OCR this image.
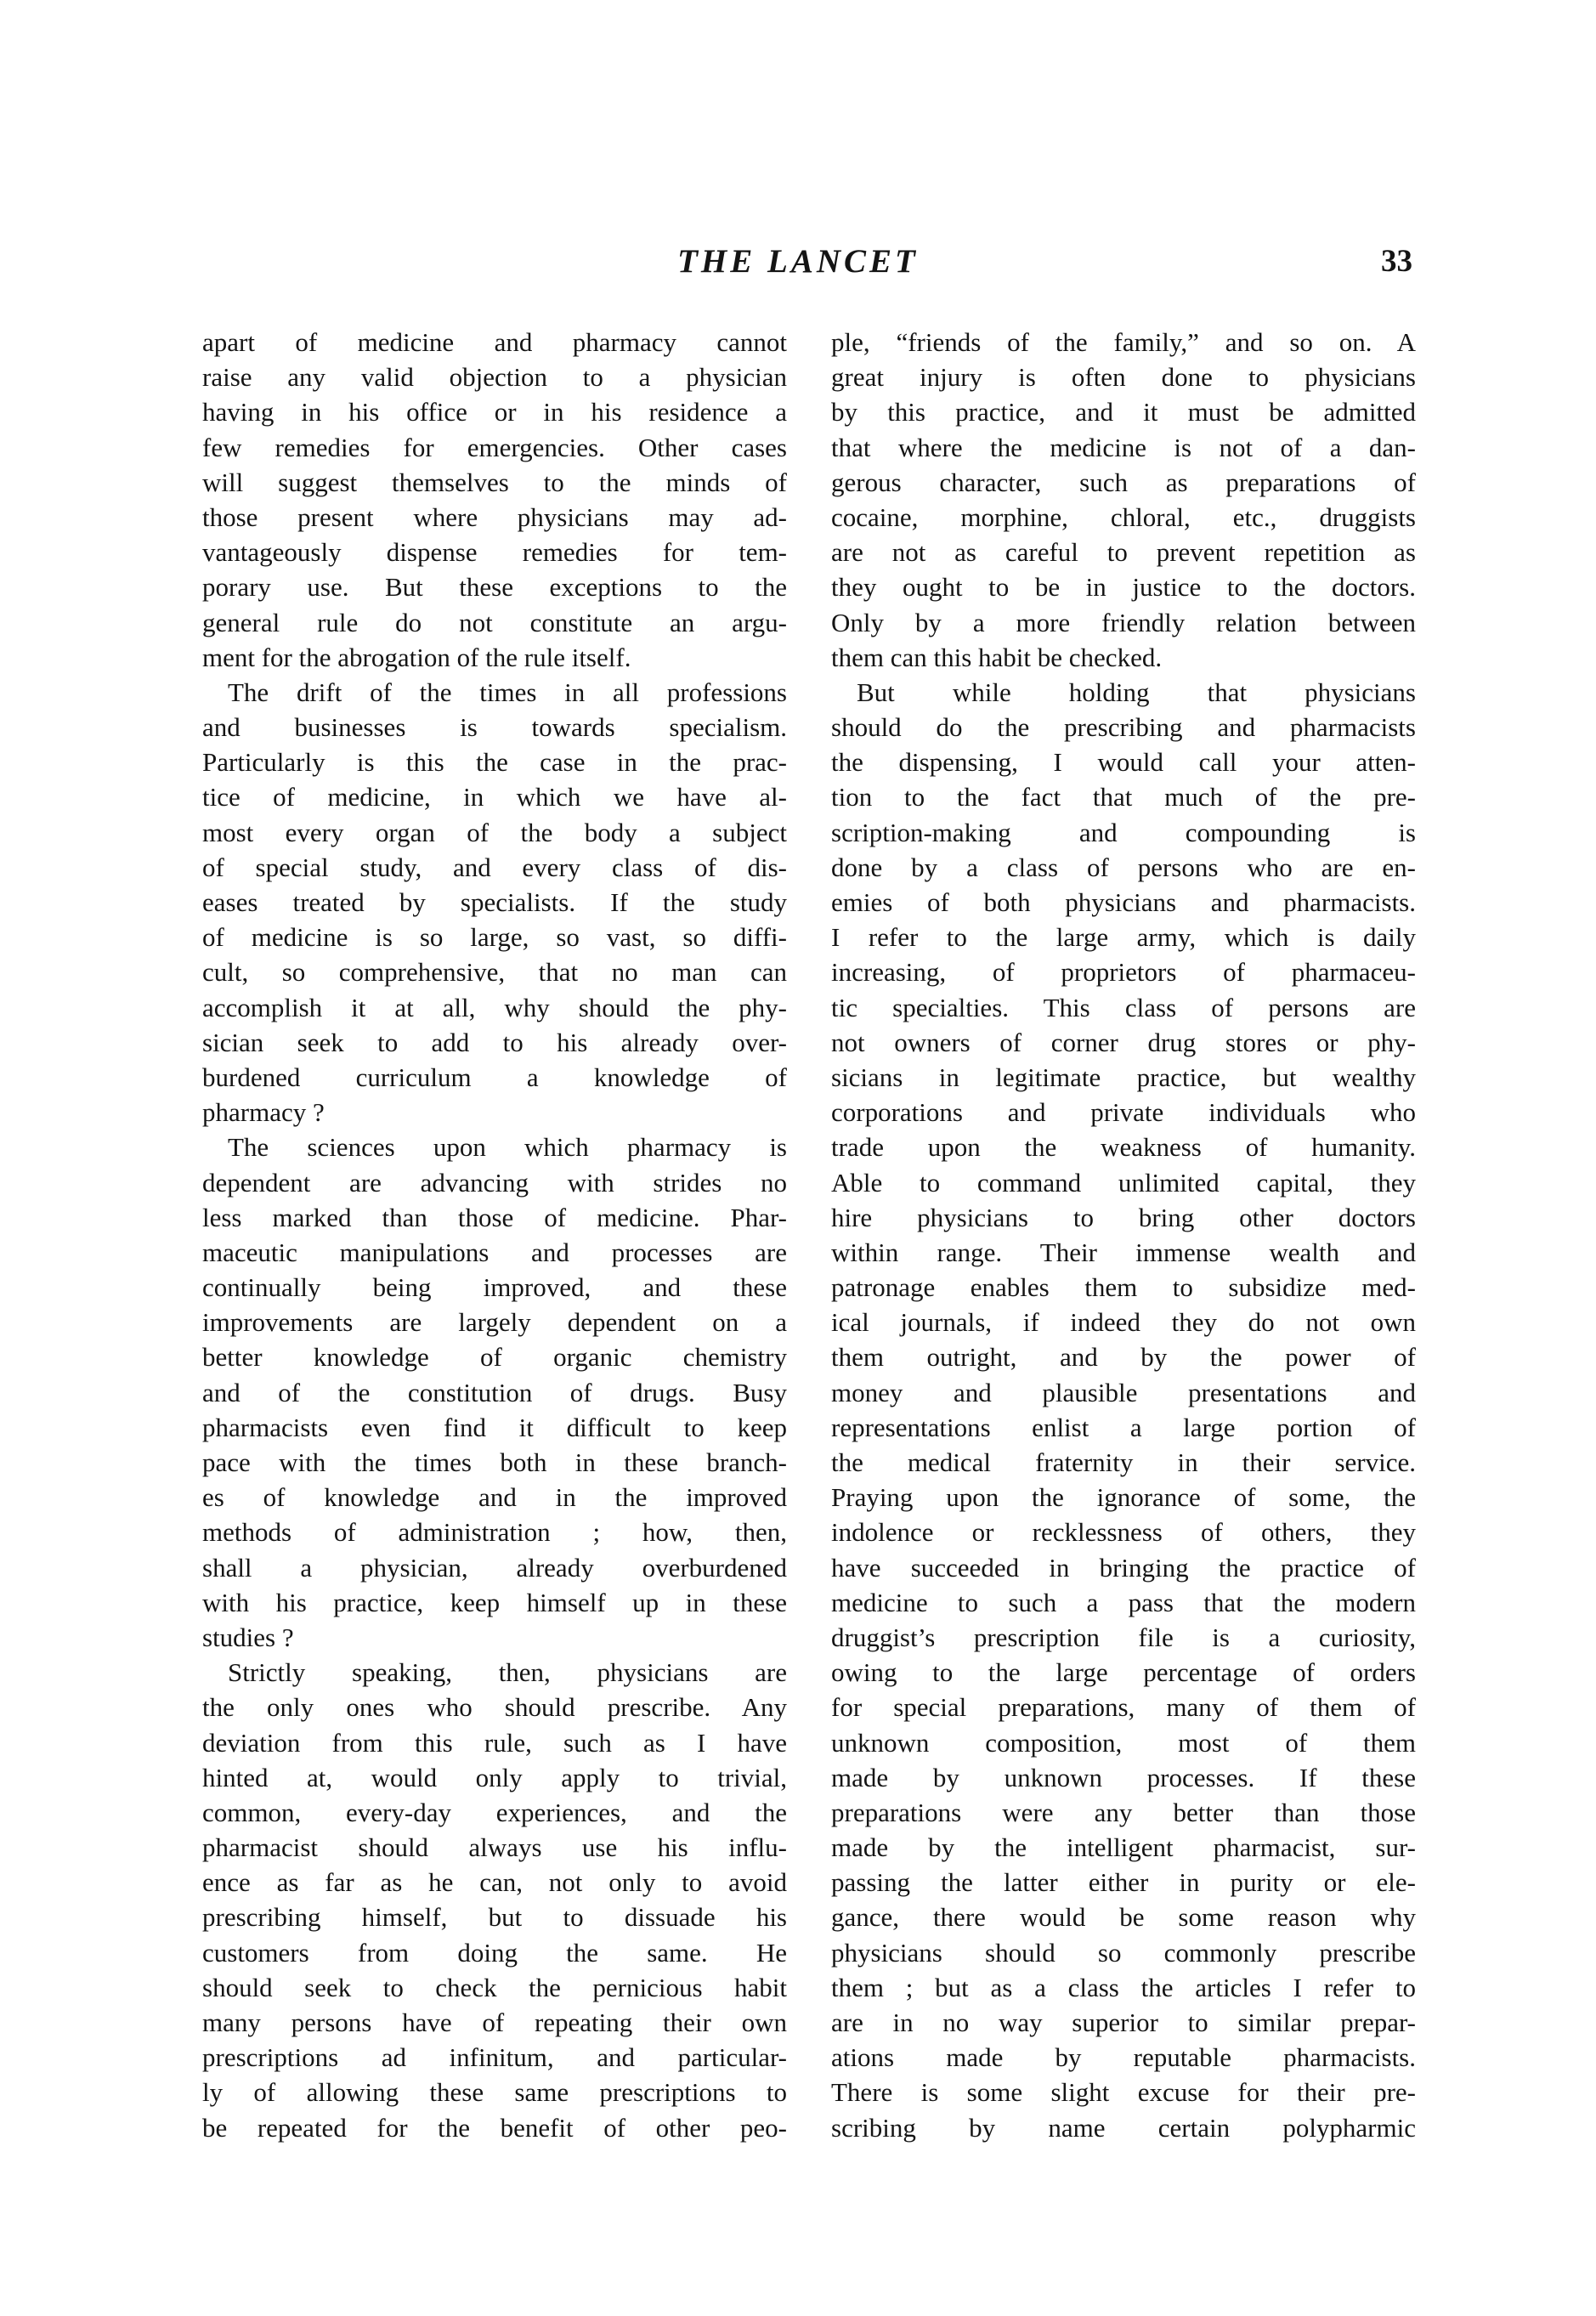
THE LANCET	33
apart of medicine and pharmacy cannot
raise any valid objection to a physician
having in his office or in his residence a
few remedies for emergencies. Other cases
will suggest themselves to the minds of
those present where physicians may ad-
vantageously dispense remedies for tem-
porary use. But these exceptions to the
general rule do not constitute an argu-
ment for the abrogation of the rule itself.
The drift of the times in all professions
and businesses is towards specialism.
Particularly is this the case in the prac-
tice of medicine, in which we have al-
most every organ of the body a subject
of special study, and every class of dis-
eases treated by specialists. If the study
of medicine is so large, so vast, so diffi-
cult, so comprehensive, that no man can
accomplish it at all, why should the phy-
sician seek to add to his already over-
burdened curriculum a knowledge of
pharmacy ?
The sciences upon which pharmacy is
dependent are advancing with strides no
less marked than those of medicine. Phar-
maceutic manipulations and processes are
continually being improved, and these
improvements are largely dependent on a
better knowledge of organic chemistry
and of the constitution of drugs. Busy
pharmacists even find it difficult to keep
pace with the times both in these branch-
es of knowledge and in the improved
methods of administration ; how, then,
shall a physician, already overburdened
with his practice, keep himself up in these
studies ?
Strictly speaking, then, physicians are
the only ones who should prescribe. Any
deviation from this rule, such as I have
hinted at, would only apply to trivial,
common, every-day experiences, and the
pharmacist should always use his influ-
ence as far as he can, not only to avoid
prescribing himself, but to dissuade his
customers from doing the same. He
should seek to check the pernicious habit
many persons have of repeating their own
prescriptions ad infinitum, and particular-
ly of allowing these same prescriptions to
be repeated for the benefit of other peo-
ple, “friends of the family,” and so on. A
great injury is often done to physicians
by this practice, and it must be admitted
that where the medicine is not of a dan-
gerous character, such as preparations of
cocaine, morphine, chloral, etc., druggists
are not as careful to prevent repetition as
they ought to be in justice to the doctors.
Only by a more friendly relation between
them can this habit be checked.
But while holding that physicians
should do the prescribing and pharmacists
the dispensing, I would call your atten-
tion to the fact that much of the pre-
scription-making and compounding is
done by a class of persons who are en-
emies of both physicians and pharmacists.
I refer to the large army, which is daily
increasing, of proprietors of pharmaceu-
tic specialties. This class of persons are
not owners of corner drug stores or phy-
sicians in legitimate practice, but wealthy
corporations and private individuals who
trade upon the weakness of humanity.
Able to command unlimited capital, they
hire physicians to bring other doctors
within range. Their immense wealth and
patronage enables them to subsidize med-
ical journals, if indeed they do not own
them outright, and by the power of
money and plausible presentations and
representations enlist a large portion of
the medical fraternity in their service.
Praying upon the ignorance of some, the
indolence or recklessness of others, they
have succeeded in bringing the practice of
medicine to such a pass that the modern
druggist’s prescription file is a curiosity,
owing to the large percentage of orders
for special preparations, many of them of
unknown composition, most of them
made by unknown processes. If these
preparations were any better than those
made by the intelligent pharmacist, sur-
passing the latter either in purity or ele-
gance, there would be some reason why
physicians should so commonly prescribe
them ; but as a class the articles I refer to
are in no way superior to similar prepar-
ations made by reputable pharmacists.
There is some slight excuse for their pre-
scribing by name certain polypharmic
